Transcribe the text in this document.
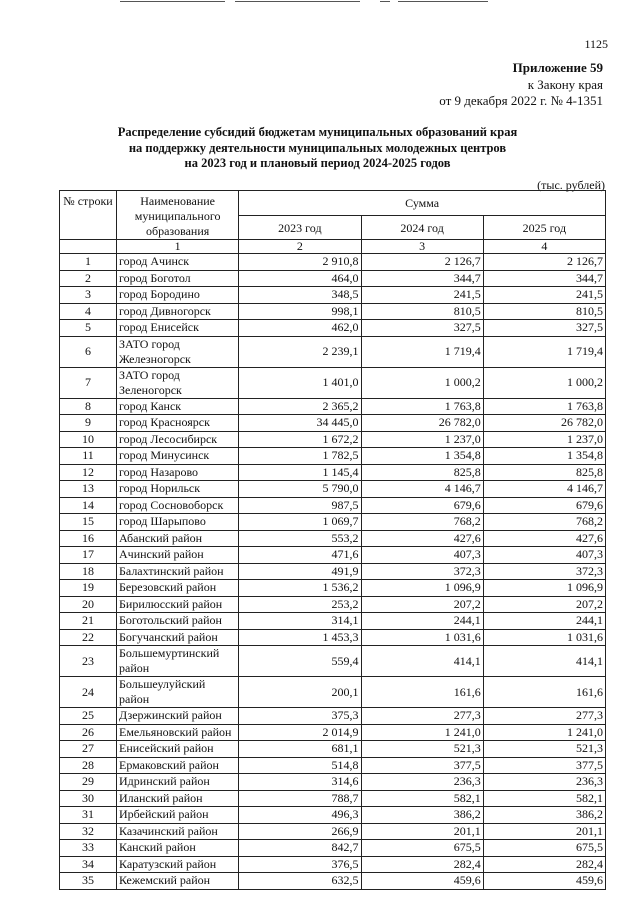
1125
Приложение 59
к Закону края
от 9 декабря 2022 г. № 4-1351
Распределение субсидий бюджетам муниципальных образований края
на поддержку деятельности муниципальных молодежных центров
на 2023 год и плановый период 2024-2025 годов
(тыс. рублей)
№ строки	Наименование муниципального образования	Сумма		
		2023 год	2024 год	2025 год
	1	2	3	4
1	город Ачинск	2 910,8	2 126,7	2 126,7
2	город Боготол	464,0	344,7	344,7
3	город Бородино	348,5	241,5	241,5
4	город Дивногорск	998,1	810,5	810,5
5	город Енисейск	462,0	327,5	327,5
6	ЗАТО город Железногорск	2 239,1	1 719,4	1 719,4
7	ЗАТО город Зеленогорск	1 401,0	1 000,2	1 000,2
8	город Канск	2 365,2	1 763,8	1 763,8
9	город Красноярск	34 445,0	26 782,0	26 782,0
10	город Лесосибирск	1 672,2	1 237,0	1 237,0
11	город Минусинск	1 782,5	1 354,8	1 354,8
12	город Назарово	1 145,4	825,8	825,8
13	город Норильск	5 790,0	4 146,7	4 146,7
14	город Сосновоборск	987,5	679,6	679,6
15	город Шарыпово	1 069,7	768,2	768,2
16	Абанский район	553,2	427,6	427,6
17	Ачинский район	471,6	407,3	407,3
18	Балахтинский район	491,9	372,3	372,3
19	Березовский район	1 536,2	1 096,9	1 096,9
20	Бирилюсский район	253,2	207,2	207,2
21	Боготольский район	314,1	244,1	244,1
22	Богучанский район	1 453,3	1 031,6	1 031,6
23	Большемуртинский район	559,4	414,1	414,1
24	Большеулуйский район	200,1	161,6	161,6
25	Дзержинский район	375,3	277,3	277,3
26	Емельяновский район	2 014,9	1 241,0	1 241,0
27	Енисейский район	681,1	521,3	521,3
28	Ермаковский район	514,8	377,5	377,5
29	Идринский район	314,6	236,3	236,3
30	Иланский район	788,7	582,1	582,1
31	Ирбейский район	496,3	386,2	386,2
32	Казачинский район	266,9	201,1	201,1
33	Канский район	842,7	675,5	675,5
34	Каратузский район	376,5	282,4	282,4
35	Кежемский район	632,5	459,6	459,6
